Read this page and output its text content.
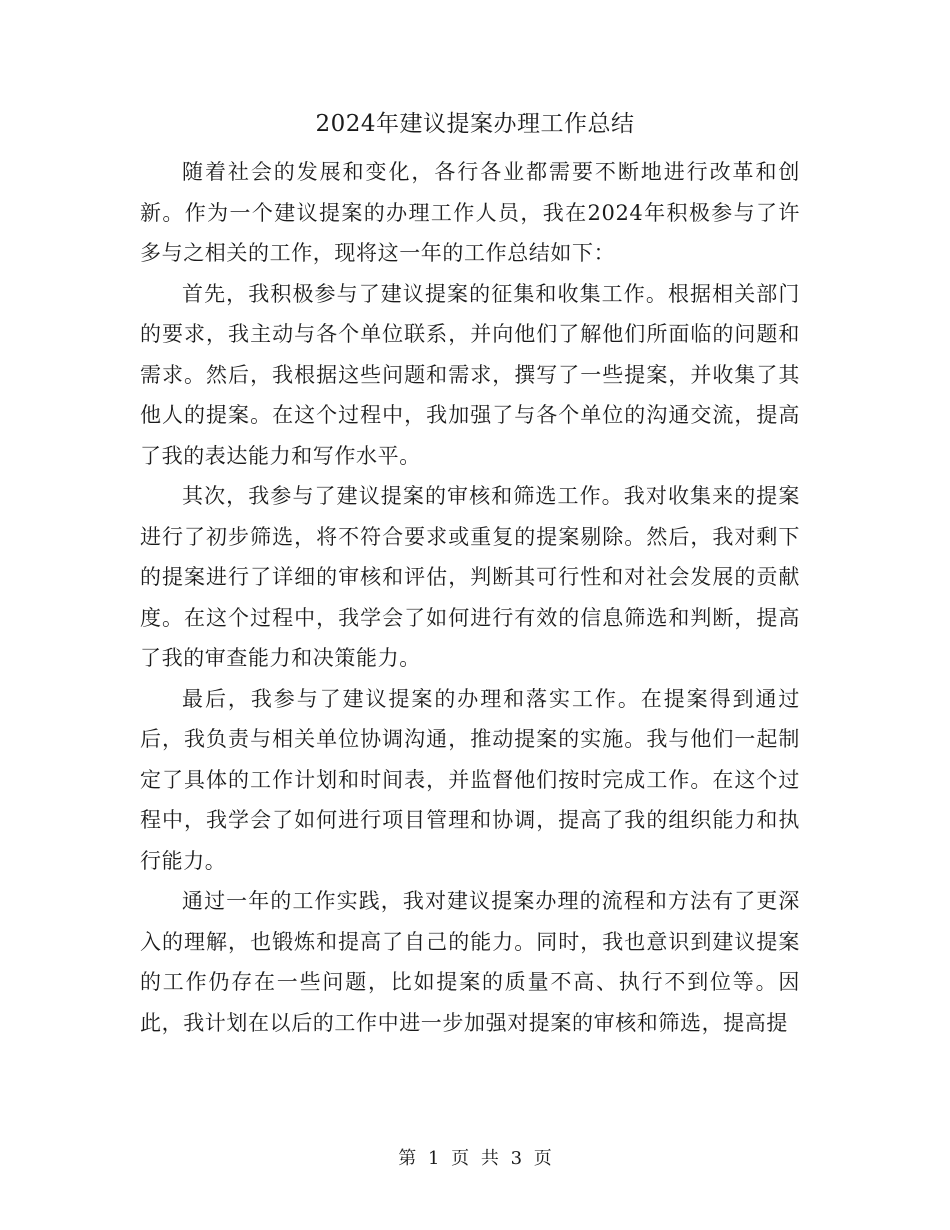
2024年建议提案办理工作总结

随着社会的发展和变化，各行各业都需要不断地进行改革和创新。作为一个建议提案的办理工作人员，我在2024年积极参与了许多与之相关的工作，现将这一年的工作总结如下：

首先，我积极参与了建议提案的征集和收集工作。根据相关部门的要求，我主动与各个单位联系，并向他们了解他们所面临的问题和需求。然后，我根据这些问题和需求，撰写了一些提案，并收集了其他人的提案。在这个过程中，我加强了与各个单位的沟通交流，提高了我的表达能力和写作水平。

其次，我参与了建议提案的审核和筛选工作。我对收集来的提案进行了初步筛选，将不符合要求或重复的提案剔除。然后，我对剩下的提案进行了详细的审核和评估，判断其可行性和对社会发展的贡献度。在这个过程中，我学会了如何进行有效的信息筛选和判断，提高了我的审查能力和决策能力。

最后，我参与了建议提案的办理和落实工作。在提案得到通过后，我负责与相关单位协调沟通，推动提案的实施。我与他们一起制定了具体的工作计划和时间表，并监督他们按时完成工作。在这个过程中，我学会了如何进行项目管理和协调，提高了我的组织能力和执行能力。

通过一年的工作实践，我对建议提案办理的流程和方法有了更深入的理解，也锻炼和提高了自己的能力。同时，我也意识到建议提案的工作仍存在一些问题，比如提案的质量不高、执行不到位等。因此，我计划在以后的工作中进一步加强对提案的审核和筛选，提高提

第 1 页 共 3 页
